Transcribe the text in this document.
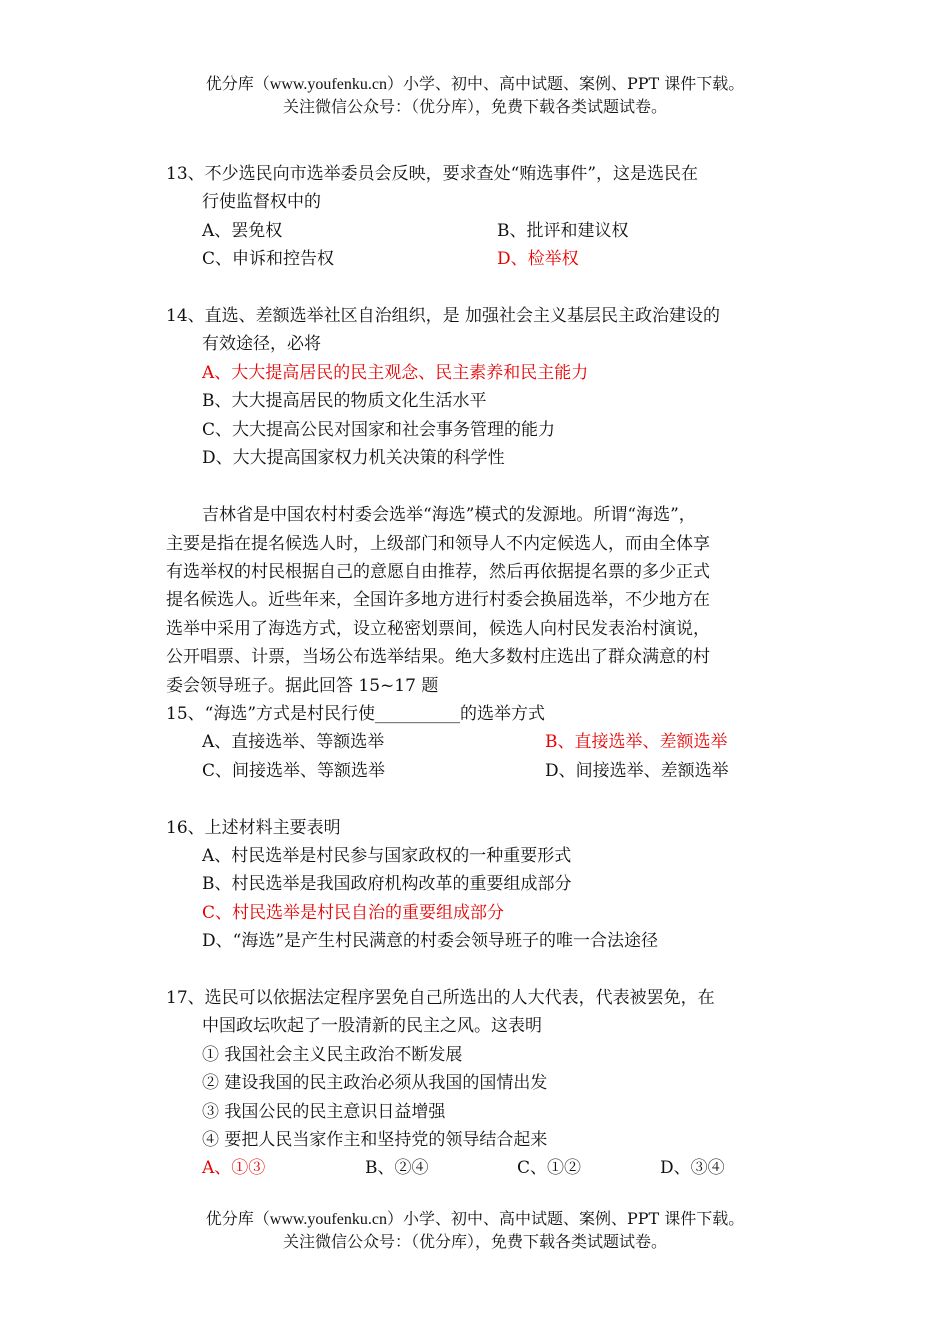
优分库（www.youfenku.cn）小学、初中、高中试题、案例、PPT 课件下载。
关注微信公众号：（优分库），免费下载各类试题试卷。
13、不少选民向市选举委员会反映，要求查处“贿选事件”，这是选民在
行使监督权中的
A、罢免权	B、批评和建议权
C、申诉和控告权	D、检举权
14、直选、差额选举社区自治组织，是 加强社会主义基层民主政治建设的
有效途径，必将
A、大大提高居民的民主观念、民主素养和民主能力
B、大大提高居民的物质文化生活水平
C、大大提高公民对国家和社会事务管理的能力
D、大大提高国家权力机关决策的科学性
吉林省是中国农村村委会选举“海选”模式的发源地。所谓“海选”，
主要是指在提名候选人时，上级部门和领导人不内定候选人，而由全体享
有选举权的村民根据自己的意愿自由推荐，然后再依据提名票的多少正式
提名候选人。近些年来，全国许多地方进行村委会换届选举，不少地方在
选举中采用了海选方式，设立秘密划票间，候选人向村民发表治村演说，
公开唱票、计票，当场公布选举结果。绝大多数村庄选出了群众满意的村
委会领导班子。据此回答 15~17 题
15、“海选”方式是村民行使__________的选举方式
A、直接选举、等额选举	B、直接选举、差额选举
C、间接选举、等额选举	D、间接选举、差额选举
16、上述材料主要表明
A、村民选举是村民参与国家政权的一种重要形式
B、村民选举是我国政府机构改革的重要组成部分
C、村民选举是村民自治的重要组成部分
D、“海选”是产生村民满意的村委会领导班子的唯一合法途径
17、选民可以依据法定程序罢免自己所选出的人大代表，代表被罢免，在
中国政坛吹起了一股清新的民主之风。这表明
① 我国社会主义民主政治不断发展
② 建设我国的民主政治必须从我国的国情出发
③ 我国公民的民主意识日益增强
④ 要把人民当家作主和坚持党的领导结合起来
A、①③	B、②④	C、①②	D、③④
优分库（www.youfenku.cn）小学、初中、高中试题、案例、PPT 课件下载。
关注微信公众号：（优分库），免费下载各类试题试卷。
